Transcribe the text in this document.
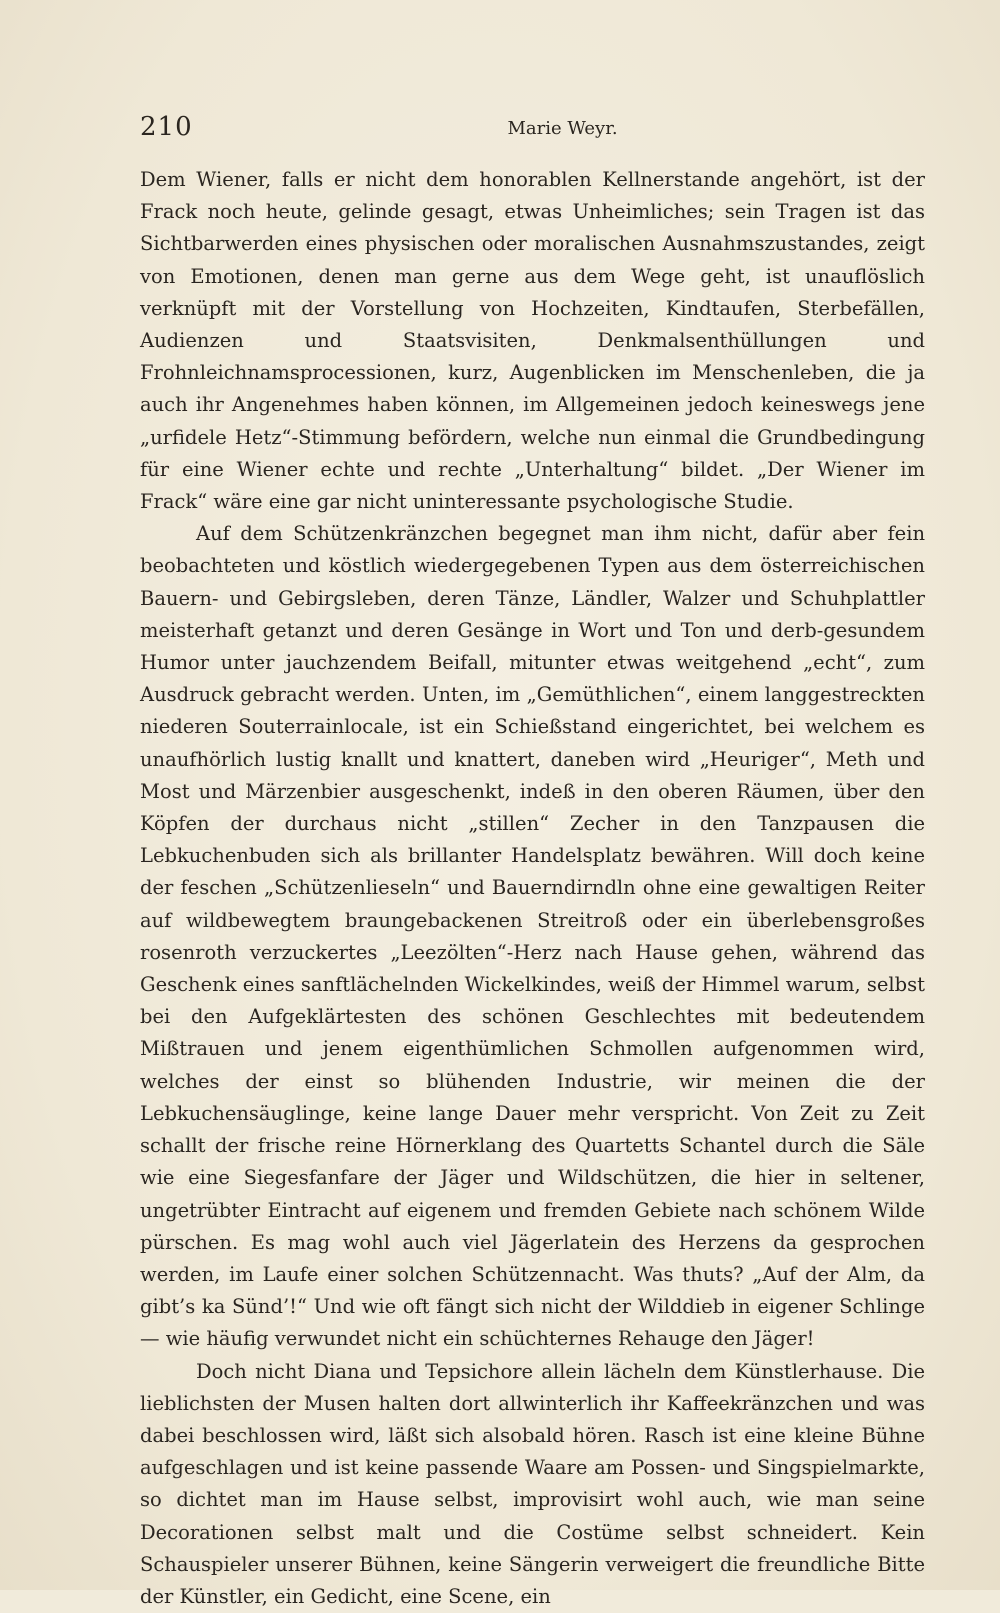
210	Marie Weyr.

Dem Wiener, falls er nicht dem honorablen Kellnerstande angehört, ist der Frack noch heute, gelinde gesagt, etwas Unheimliches; sein Tragen ist das Sichtbarwerden eines physischen oder moralischen Ausnahmszustandes, zeigt von Emotionen, denen man gerne aus dem Wege geht, ist unauflöslich verknüpft mit der Vorstellung von Hochzeiten, Kindtaufen, Sterbefällen, Audienzen und Staatsvisiten, Denkmalsenthüllungen und Frohnleichnamsprocessionen, kurz, Augenblicken im Menschenleben, die ja auch ihr Angenehmes haben können, im Allgemeinen jedoch keineswegs jene „urfidele Hetz“-Stimmung befördern, welche nun einmal die Grundbedingung für eine Wiener echte und rechte „Unterhaltung“ bildet. „Der Wiener im Frack“ wäre eine gar nicht uninteressante psychologische Studie.

Auf dem Schützenkränzchen begegnet man ihm nicht, dafür aber fein beobachteten und köstlich wiedergegebenen Typen aus dem österreichischen Bauern- und Gebirgsleben, deren Tänze, Ländler, Walzer und Schuhplattler meisterhaft getanzt und deren Gesänge in Wort und Ton und derb-gesundem Humor unter jauchzendem Beifall, mitunter etwas weitgehend „echt“, zum Ausdruck gebracht werden. Unten, im „Gemüthlichen“, einem langgestreckten niederen Souterrainlocale, ist ein Schießstand eingerichtet, bei welchem es unaufhörlich lustig knallt und knattert, daneben wird „Heuriger“, Meth und Most und Märzenbier ausgeschenkt, indeß in den oberen Räumen, über den Köpfen der durchaus nicht „stillen“ Zecher in den Tanzpausen die Lebkuchenbuden sich als brillanter Handelsplatz bewähren. Will doch keine der feschen „Schützenlieseln“ und Bauerndirndln ohne eine gewaltigen Reiter auf wildbewegtem braungebackenen Streitroß oder ein überlebensgroßes rosenroth verzuckertes „Leezölten“-Herz nach Hause gehen, während das Geschenk eines sanftlächelnden Wickelkindes, weiß der Himmel warum, selbst bei den Aufgeklärtesten des schönen Geschlechtes mit bedeutendem Mißtrauen und jenem eigenthümlichen Schmollen aufgenommen wird, welches der einst so blühenden Industrie, wir meinen die der Lebkuchensäuglinge, keine lange Dauer mehr verspricht. Von Zeit zu Zeit schallt der frische reine Hörnerklang des Quartetts Schantel durch die Säle wie eine Siegesfanfare der Jäger und Wildschützen, die hier in seltener, ungetrübter Eintracht auf eigenem und fremden Gebiete nach schönem Wilde pürschen. Es mag wohl auch viel Jägerlatein des Herzens da gesprochen werden, im Laufe einer solchen Schützennacht. Was thuts? „Auf der Alm, da gibt’s ka Sünd’!“ Und wie oft fängt sich nicht der Wilddieb in eigener Schlinge — wie häufig verwundet nicht ein schüchternes Rehauge den Jäger!

Doch nicht Diana und Tepsichore allein lächeln dem Künstlerhause. Die lieblichsten der Musen halten dort allwinterlich ihr Kaffeekränzchen und was dabei beschlossen wird, läßt sich alsobald hören. Rasch ist eine kleine Bühne aufgeschlagen und ist keine passende Waare am Possen- und Singspielmarkte, so dichtet man im Hause selbst, improvisirt wohl auch, wie man seine Decorationen selbst malt und die Costüme selbst schneidert. Kein Schauspieler unserer Bühnen, keine Sängerin verweigert die freundliche Bitte der Künstler, ein Gedicht, eine Scene, ein
